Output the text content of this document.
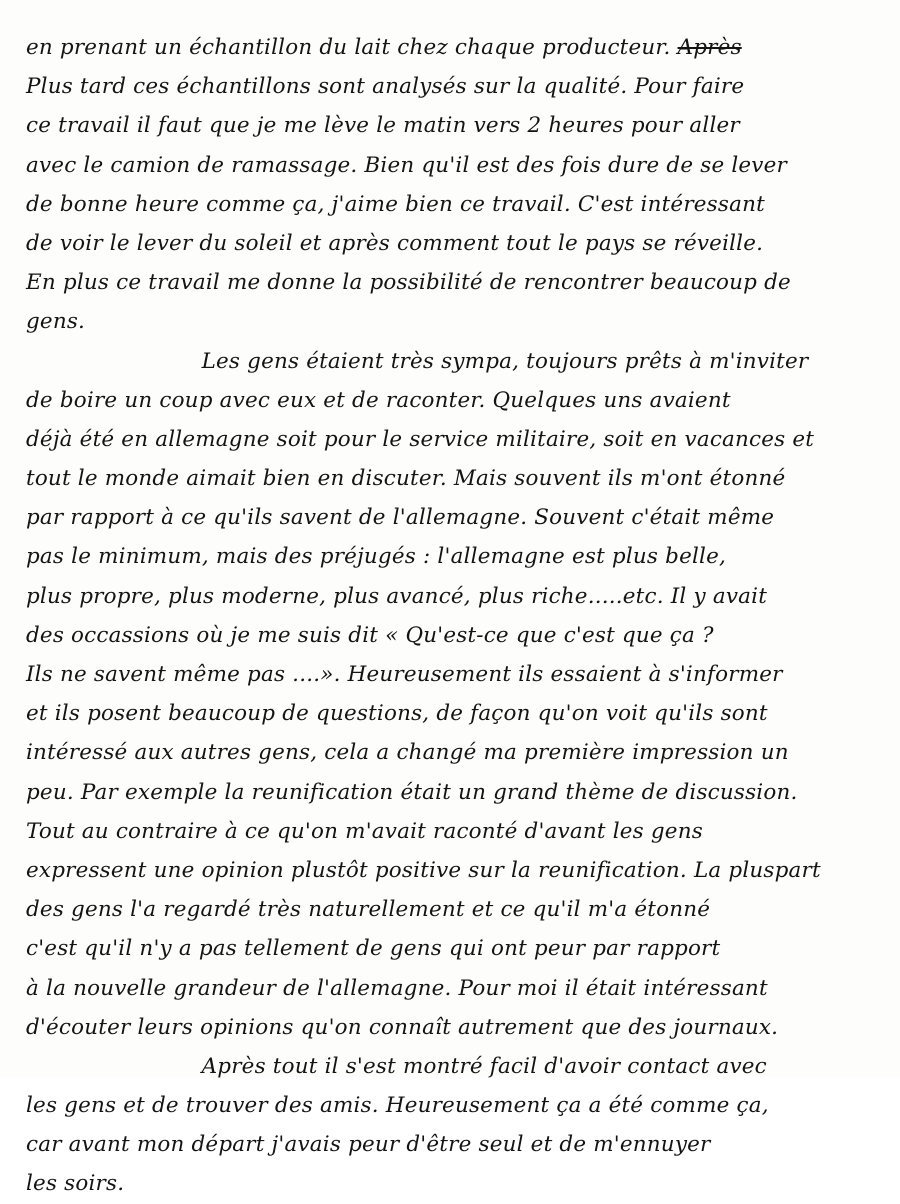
en prenant un échantillon du lait chez chaque producteur. Après
Plus tard ces échantillons sont analysés sur la qualité. Pour faire
ce travail il faut que je me lève le matin vers 2 heures pour aller
avec le camion de ramassage. Bien qu'il est des fois dure de se lever
de bonne heure comme ça, j'aime bien ce travail. C'est intéressant
de voir le lever du soleil et après comment tout le pays se réveille.
En plus ce travail me donne la possibilité de rencontrer beaucoup de
gens.
Les gens étaient très sympa, toujours prêts à m'inviter
de boire un coup avec eux et de raconter. Quelques uns avaient
déjà été en allemagne soit pour le service militaire, soit en vacances et
tout le monde aimait bien en discuter. Mais souvent ils m'ont étonné
par rapport à ce qu'ils savent de l'allemagne. Souvent c'était même
pas le minimum, mais des préjugés : l'allemagne est plus belle,
plus propre, plus moderne, plus avancé, plus riche.....etc. Il y avait
des occassions où je me suis dit « Qu'est-ce que c'est que ça ?
Ils ne savent même pas ....». Heureusement ils essaient à s'informer
et ils posent beaucoup de questions, de façon qu'on voit qu'ils sont
intéressé aux autres gens, cela a changé ma première impression un
peu. Par exemple la reunification était un grand thème de discussion.
Tout au contraire à ce qu'on m'avait raconté d'avant les gens
expressent une opinion plustôt positive sur la reunification. La pluspart
des gens l'a regardé très naturellement et ce qu'il m'a étonné
c'est qu'il n'y a pas tellement de gens qui ont peur par rapport
à la nouvelle grandeur de l'allemagne. Pour moi il était intéressant
d'écouter leurs opinions qu'on connaît autrement que des journaux.
Après tout il s'est montré facil d'avoir contact avec
les gens et de trouver des amis. Heureusement ça a été comme ça,
car avant mon départ j'avais peur d'être seul et de m'ennuyer
les soirs.
